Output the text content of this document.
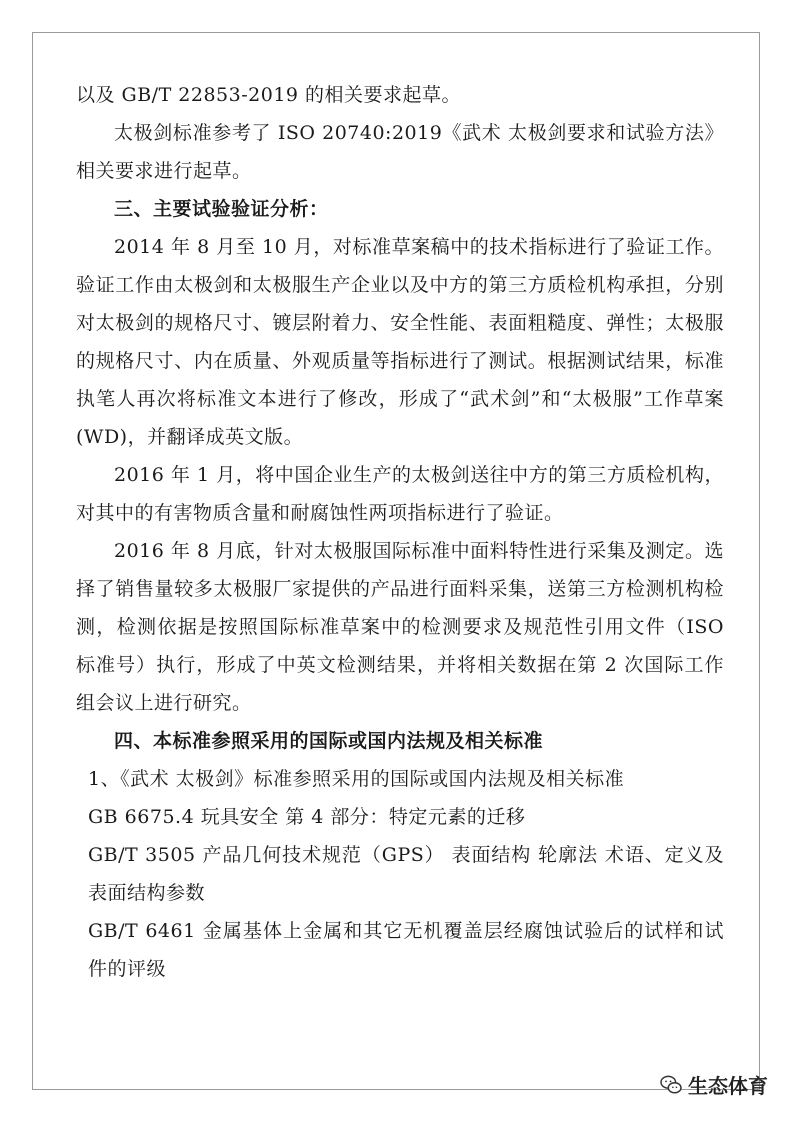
以及 GB/T 22853-2019 的相关要求起草。

太极剑标准参考了 ISO 20740:2019《武术 太极剑要求和试验方法》相关要求进行起草。

三、主要试验验证分析：

2014 年 8 月至 10 月，对标准草案稿中的技术指标进行了验证工作。验证工作由太极剑和太极服生产企业以及中方的第三方质检机构承担，分别对太极剑的规格尺寸、镀层附着力、安全性能、表面粗糙度、弹性；太极服的规格尺寸、内在质量、外观质量等指标进行了测试。根据测试结果，标准执笔人再次将标准文本进行了修改，形成了“武术剑”和“太极服”工作草案(WD)，并翻译成英文版。

2016 年 1 月，将中国企业生产的太极剑送往中方的第三方质检机构，对其中的有害物质含量和耐腐蚀性两项指标进行了验证。

2016 年 8 月底，针对太极服国际标准中面料特性进行采集及测定。选择了销售量较多太极服厂家提供的产品进行面料采集，送第三方检测机构检测，检测依据是按照国际标准草案中的检测要求及规范性引用文件（ISO 标准号）执行，形成了中英文检测结果，并将相关数据在第 2 次国际工作组会议上进行研究。

四、本标准参照采用的国际或国内法规及相关标准

1、《武术 太极剑》标准参照采用的国际或国内法规及相关标准

GB 6675.4 玩具安全 第 4 部分：特定元素的迁移

GB/T 3505 产品几何技术规范（GPS） 表面结构 轮廓法 术语、定义及表面结构参数

GB/T 6461 金属基体上金属和其它无机覆盖层经腐蚀试验后的试样和试件的评级

生态体育
